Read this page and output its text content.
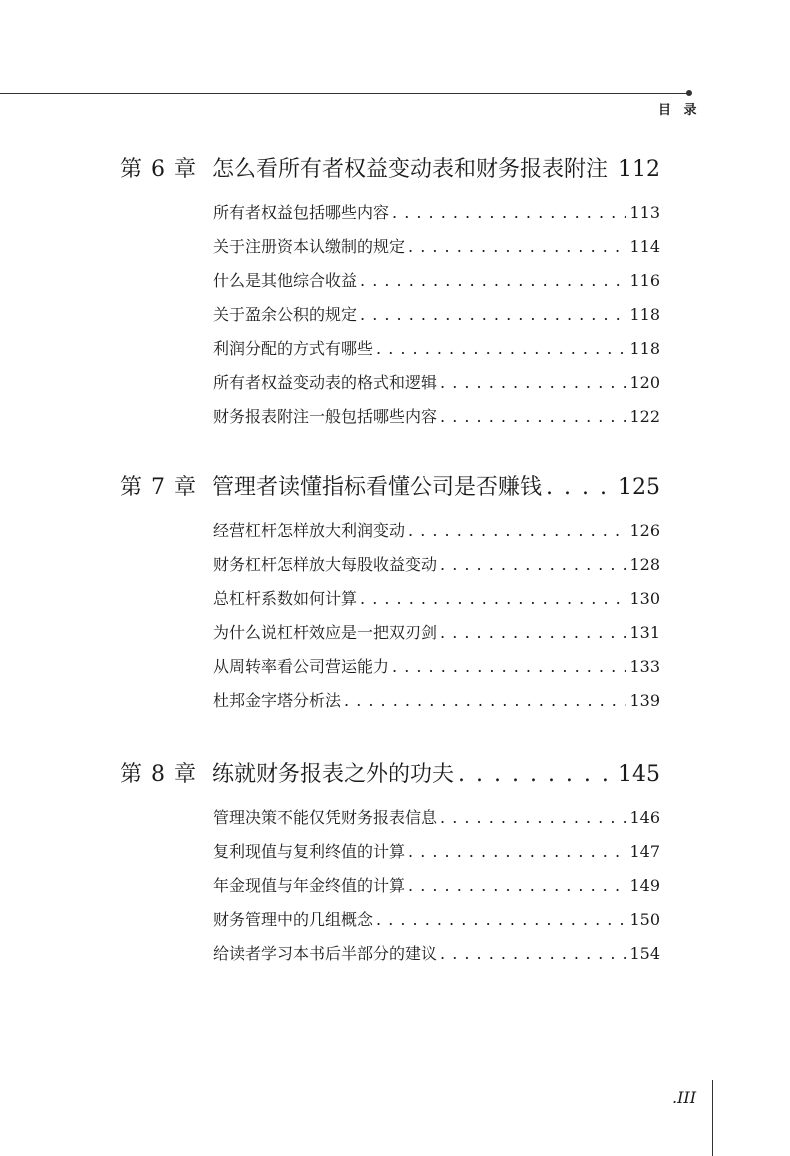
目 录
第 6 章 怎么看所有者权益变动表和财务报表附注 . . . 112
所有者权益包括哪些内容 . . .	113
关于注册资本认缴制的规定 . . .	114
什么是其他综合收益 . . .	116
关于盈余公积的规定 . . .	118
利润分配的方式有哪些 . . .	118
所有者权益变动表的格式和逻辑 . . .	120
财务报表附注一般包括哪些内容 . . .	122
第 7 章 管理者读懂指标看懂公司是否赚钱 . . .	125
经营杠杆怎样放大利润变动 . . .	126
财务杠杆怎样放大每股收益变动 . . .	128
总杠杆系数如何计算 . . .	130
为什么说杠杆效应是一把双刃剑 . . .	131
从周转率看公司营运能力 . . .	133
杜邦金字塔分析法 . . .	139
第 8 章 练就财务报表之外的功夫 . . .	145
管理决策不能仅凭财务报表信息 . . .	146
复利现值与复利终值的计算 . . .	147
年金现值与年金终值的计算 . . .	149
财务管理中的几组概念 . . .	150
给读者学习本书后半部分的建议 . . .	154
.III
